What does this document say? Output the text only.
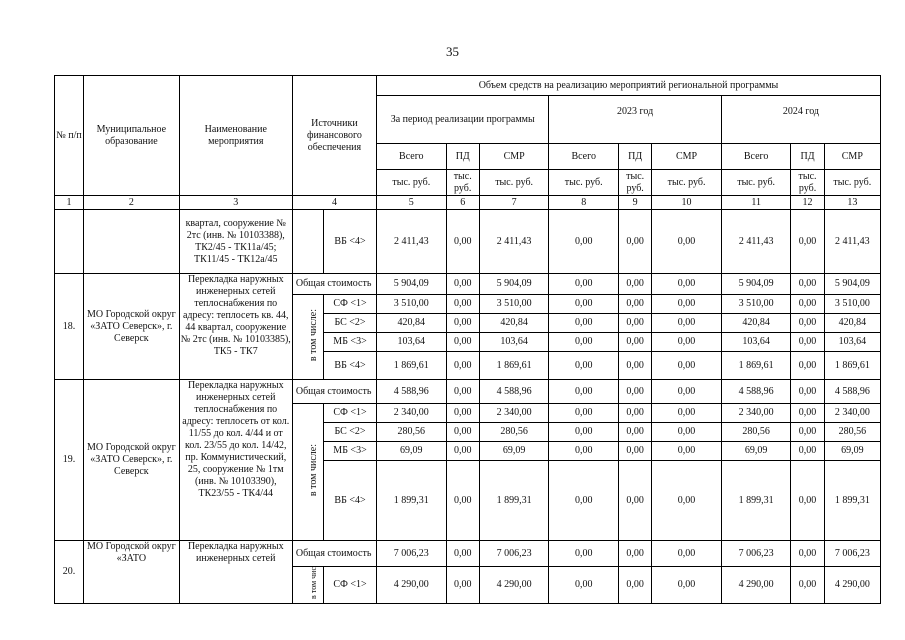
35
№ п/п	Муниципальное образование	Наименование мероприятия	Источники финансового обеспечения			Объем средств на реализацию мероприятий региональной программы								
						За период реализации программы			2023 год			2024 год		
						Всего	ПД	СМР	Всего	ПД	СМР	Всего	ПД	СМР
						тыс. руб.	тыс. руб.	тыс. руб.	тыс. руб.	тыс. руб.	тыс. руб.	тыс. руб.	тыс. руб.	тыс. руб.
1	2	3	4			5	6	7	8	9	10	11	12	13
		квартал, сооружение № 2тс (инв. № 10103388), ТК2/45 - ТК11а/45; ТК11/45 - ТК12а/45			ВБ <4>	2 411,43	0,00	2 411,43	0,00	0,00	0,00	2 411,43	0,00	2 411,43
18.	МО Городской округ «ЗАТО Северск», г. Северск	Перекладка наружных инженерных сетей теплоснабжения по адресу: теплосеть кв. 44, 44 квартал, сооружение № 2тс (инв. № 10103385), ТК5 - ТК7	Общая стоимость			5 904,09	0,00	5 904,09	0,00	0,00	0,00	5 904,09	0,00	5 904,09
				в том числе:	СФ <1>	3 510,00	0,00	3 510,00	0,00	0,00	0,00	3 510,00	0,00	3 510,00
					БС <2>	420,84	0,00	420,84	0,00	0,00	0,00	420,84	0,00	420,84
					МБ <3>	103,64	0,00	103,64	0,00	0,00	0,00	103,64	0,00	103,64
					ВБ <4>	1 869,61	0,00	1 869,61	0,00	0,00	0,00	1 869,61	0,00	1 869,61
19.	МО Городской округ «ЗАТО Северск», г. Северск	Перекладка наружных инженерных сетей теплоснабжения по адресу: теплосеть от кол. 11/55 до кол. 4/44 и от кол. 23/55 до кол. 14/42, пр. Коммунистический, 25, сооружение № 1тм (инв. № 10103390), ТК23/55 - ТК4/44	Общая стоимость			4 588,96	0,00	4 588,96	0,00	0,00	0,00	4 588,96	0,00	4 588,96
				в том числе:	СФ <1>	2 340,00	0,00	2 340,00	0,00	0,00	0,00	2 340,00	0,00	2 340,00
					БС <2>	280,56	0,00	280,56	0,00	0,00	0,00	280,56	0,00	280,56
					МБ <3>	69,09	0,00	69,09	0,00	0,00	0,00	69,09	0,00	69,09
					ВБ <4>	1 899,31	0,00	1 899,31	0,00	0,00	0,00	1 899,31	0,00	1 899,31
20.	МО Городской округ «ЗАТО	Перекладка наружных инженерных сетей	Общая стоимость			7 006,23	0,00	7 006,23	0,00	0,00	0,00	7 006,23	0,00	7 006,23
				в том чис	СФ <1>	4 290,00	0,00	4 290,00	0,00	0,00	0,00	4 290,00	0,00	4 290,00
